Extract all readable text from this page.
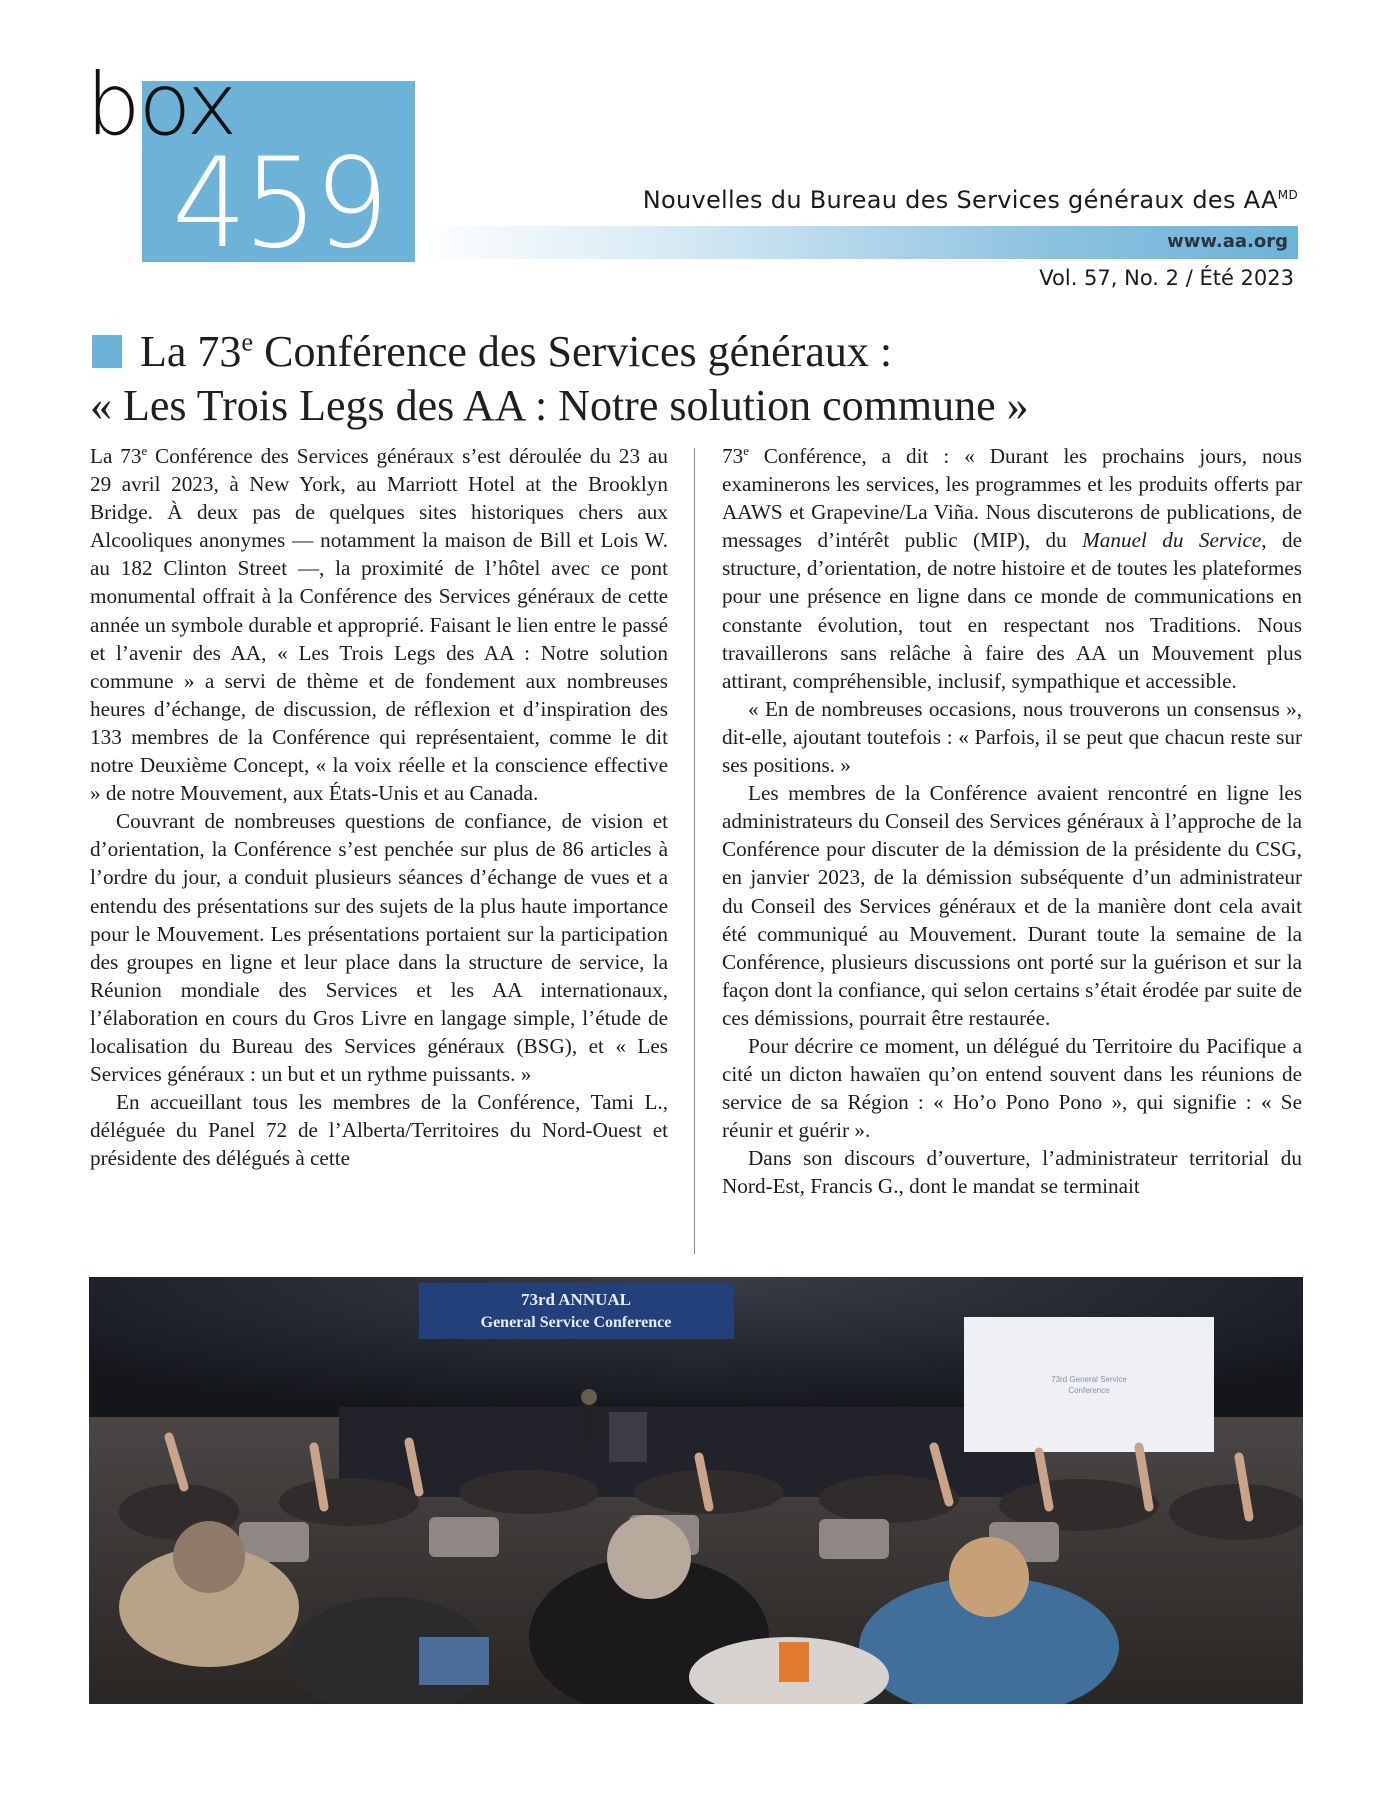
box
459	Nouvelles du Bureau des Services généraux des $AA^{MD}$

www.aa.org

Vol. 57, No. 2 / Été 2023

La 73e Conférence des Services généraux :
« Les Trois Legs des AA : Notre solution commune »

La 73e Conférence des Services généraux s’est déroulée du 23 au 29 avril 2023, à New York, au Marriott Hotel at the Brooklyn Bridge. À deux pas de quelques sites historiques chers aux Alcooliques anonymes — notamment la maison de Bill et Lois W. au 182 Clinton Street —, la proximité de l’hôtel avec ce pont monumental offrait à la Conférence des Services généraux de cette année un symbole durable et approprié. Faisant le lien entre le passé et l’avenir des AA, « Les Trois Legs des AA : Notre solution commune » a servi de thème et de fondement aux nombreuses heures d’échange, de discussion, de réflexion et d’inspiration des 133 membres de la Conférence qui représentaient, comme le dit notre Deuxième Concept, « la voix réelle et la conscience effective » de notre Mouvement, aux États-Unis et au Canada.

Couvrant de nombreuses questions de confiance, de vision et d’orientation, la Conférence s’est penchée sur plus de 86 articles à l’ordre du jour, a conduit plusieurs séances d’échange de vues et a entendu des présentations sur des sujets de la plus haute importance pour le Mouvement. Les présentations portaient sur la participation des groupes en ligne et leur place dans la structure de service, la Réunion mondiale des Services et les AA internationaux, l’élaboration en cours du Gros Livre en langage simple, l’étude de localisation du Bureau des Services généraux (BSG), et « Les Services généraux : un but et un rythme puissants. »

En accueillant tous les membres de la Conférence, Tami L., déléguée du Panel 72 de l’Alberta/Territoires du Nord-Ouest et présidente des délégués à cette

73e Conférence, a dit : « Durant les prochains jours, nous examinerons les services, les programmes et les produits offerts par AAWS et Grapevine/La Viña. Nous discuterons de publications, de messages d’intérêt public (MIP), du Manuel du Service, de structure, d’orientation, de notre histoire et de toutes les plateformes pour une présence en ligne dans ce monde de communications en constante évolution, tout en respectant nos Traditions. Nous travaillerons sans relâche à faire des AA un Mouvement plus attirant, compréhensible, inclusif, sympathique et accessible.

« En de nombreuses occasions, nous trouverons un consensus », dit-elle, ajoutant toutefois : « Parfois, il se peut que chacun reste sur ses positions. »

Les membres de la Conférence avaient rencontré en ligne les administrateurs du Conseil des Services généraux à l’approche de la Conférence pour discuter de la démission de la présidente du CSG, en janvier 2023, de la démission subséquente d’un administrateur du Conseil des Services généraux et de la manière dont cela avait été communiqué au Mouvement. Durant toute la semaine de la Conférence, plusieurs discussions ont porté sur la guérison et sur la façon dont la confiance, qui selon certains s’était érodée par suite de ces démissions, pourrait être restaurée.

Pour décrire ce moment, un délégué du Territoire du Pacifique a cité un dicton hawaïen qu’on entend souvent dans les réunions de service de sa Région : « Ho’o Pono Pono », qui signifie : « Se réunir et guérir ».

Dans son discours d’ouverture, l’administrateur territorial du Nord-Est, Francis G., dont le mandat se terminait

73rd ANNUAL
General Service Conference
73rd General Service
Conference
